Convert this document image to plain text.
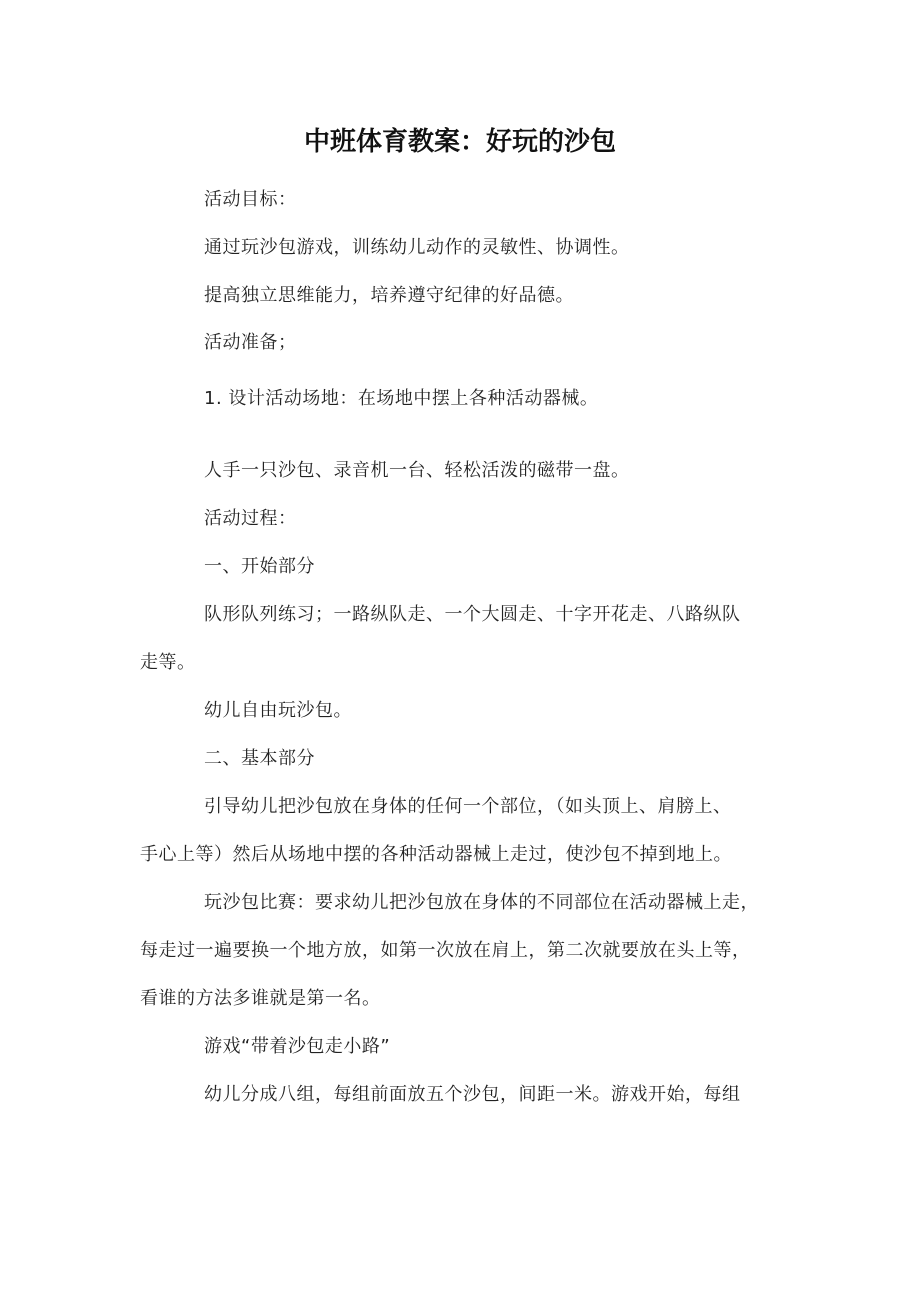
中班体育教案：好玩的沙包
活动目标：
通过玩沙包游戏，训练幼儿动作的灵敏性、协调性。
提高独立思维能力，培养遵守纪律的好品德。
活动准备；
1. 设计活动场地：在场地中摆上各种活动器械。
人手一只沙包、录音机一台、轻松活泼的磁带一盘。
活动过程：
一、开始部分
队形队列练习；一路纵队走、一个大圆走、十字开花走、八路纵队
走等。
幼儿自由玩沙包。
二、基本部分
引导幼儿把沙包放在身体的任何一个部位，（如头顶上、肩膀上、
手心上等）然后从场地中摆的各种活动器械上走过，使沙包不掉到地上。
玩沙包比赛：要求幼儿把沙包放在身体的不同部位在活动器械上走，
每走过一遍要换一个地方放，如第一次放在肩上，第二次就要放在头上等，
看谁的方法多谁就是第一名。
游戏“带着沙包走小路”
幼儿分成八组，每组前面放五个沙包，间距一米。游戏开始，每组
